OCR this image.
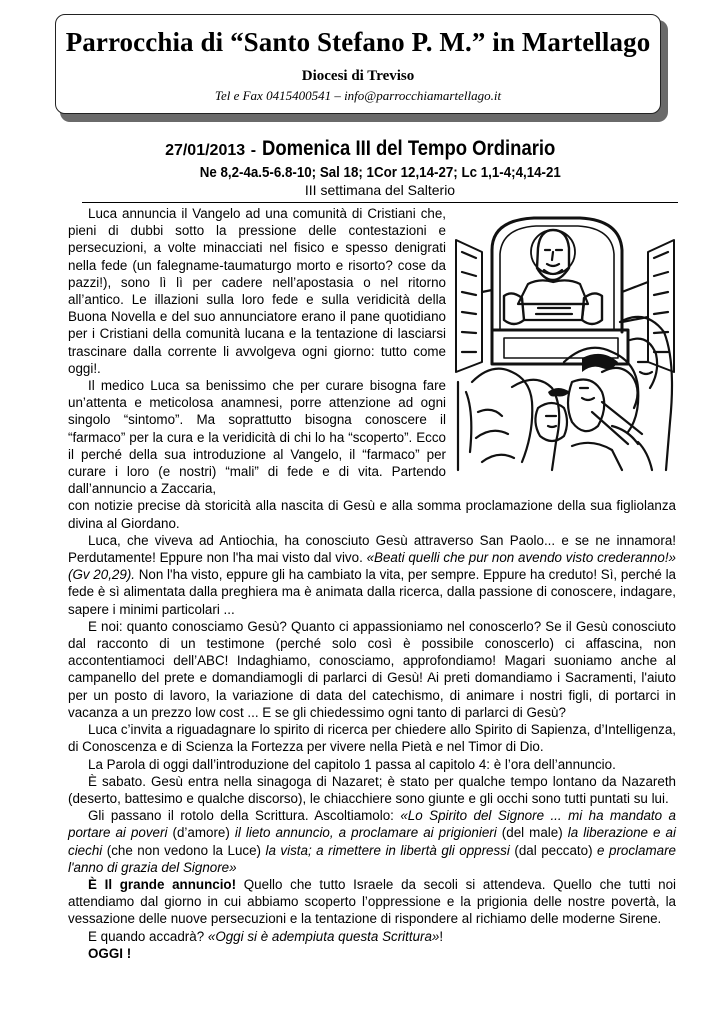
Parrocchia di “Santo Stefano P. M.” in Martellago
Diocesi di Treviso
Tel e Fax 0415400541 – info@parrocchiamartellago.it
27/01/2013 - Domenica III del Tempo Ordinario
Ne 8,2-4a.5-6.8-10; Sal 18; 1Cor 12,14-27; Lc 1,1-4;4,14-21
III settimana del Salterio

Luca annuncia il Vangelo ad una comunità di Cristiani che, pieni di dubbi sotto la pressione delle contestazioni e persecuzioni, a volte minacciati nel fisico e spesso denigrati nella fede (un falegname-taumaturgo morto e risorto? cose da pazzi!), sono lì lì per cadere nell’apostasia o nel ritorno all’antico. Le illazioni sulla loro fede e sulla veridicità della Buona Novella e del suo annunciatore erano il pane quotidiano per i Cristiani della comunità lucana e la tentazione di lasciarsi trascinare dalla corrente li avvolgeva ogni giorno: tutto come oggi!.

Il medico Luca sa benissimo che per curare bisogna fare un’attenta e meticolosa anamnesi, porre attenzione ad ogni singolo “sintomo”. Ma soprattutto bisogna conoscere il “farmaco” per la cura e la veridicità di chi lo ha “scoperto”. Ecco il perché della sua introduzione al Vangelo, il “farmaco” per curare i loro (e nostri) “mali” di fede e di vita. Partendo dall’annuncio a Zaccaria,

con notizie precise dà storicità alla nascita di Gesù e alla somma proclamazione della sua figliolanza divina al Giordano.

Luca, che viveva ad Antiochia, ha conosciuto Gesù attraverso San Paolo... e se ne innamora! Perdutamente! Eppure non l'ha mai visto dal vivo. «Beati quelli che pur non avendo visto crederanno!» (Gv 20,29). Non l'ha visto, eppure gli ha cambiato la vita, per sempre. Eppure ha creduto! Sì, perché la fede è sì alimentata dalla preghiera ma è animata dalla ricerca, dalla passione di conoscere, indagare, sapere i minimi particolari ...

E noi: quanto conosciamo Gesù? Quanto ci appassioniamo nel conoscerlo? Se il Gesù conosciuto dal racconto di un testimone (perché solo così è possibile conoscerlo) ci affascina, non accontentiamoci dell’ABC! Indaghiamo, conosciamo, approfondiamo! Magari suoniamo anche al campanello del prete e domandiamogli di parlarci di Gesù! Ai preti domandiamo i Sacramenti, l'aiuto per un posto di lavoro, la variazione di data del catechismo, di animare i nostri figli, di portarci in vacanza a un prezzo low cost ... E se gli chiedessimo ogni tanto di parlarci di Gesù?

Luca c’invita a riguadagnare lo spirito di ricerca per chiedere allo Spirito di Sapienza, d’Intelligenza, di Conoscenza e di Scienza la Fortezza per vivere nella Pietà e nel Timor di Dio.

La Parola di oggi dall’introduzione del capitolo 1 passa al capitolo 4: è l’ora dell’annuncio.

È sabato. Gesù entra nella sinagoga di Nazaret; è stato per qualche tempo lontano da Nazareth (deserto, battesimo e qualche discorso), le chiacchiere sono giunte e gli occhi sono tutti puntati su lui.

Gli passano il rotolo della Scrittura. Ascoltiamolo: «Lo Spirito del Signore ... mi ha mandato a portare ai poveri (d’amore) il lieto annuncio, a proclamare ai prigionieri (del male) la liberazione e ai ciechi (che non vedono la Luce) la vista; a rimettere in libertà gli oppressi (dal peccato) e proclamare l'anno di grazia del Signore»

È Il grande annuncio! Quello che tutto Israele da secoli si attendeva. Quello che tutti noi attendiamo dal giorno in cui abbiamo scoperto l’oppressione e la prigionia delle nostre povertà, la vessazione delle nuove persecuzioni e la tentazione di rispondere al richiamo delle moderne Sirene.

E quando accadrà? «Oggi si è adempiuta questa Scrittura»!

OGGI !
